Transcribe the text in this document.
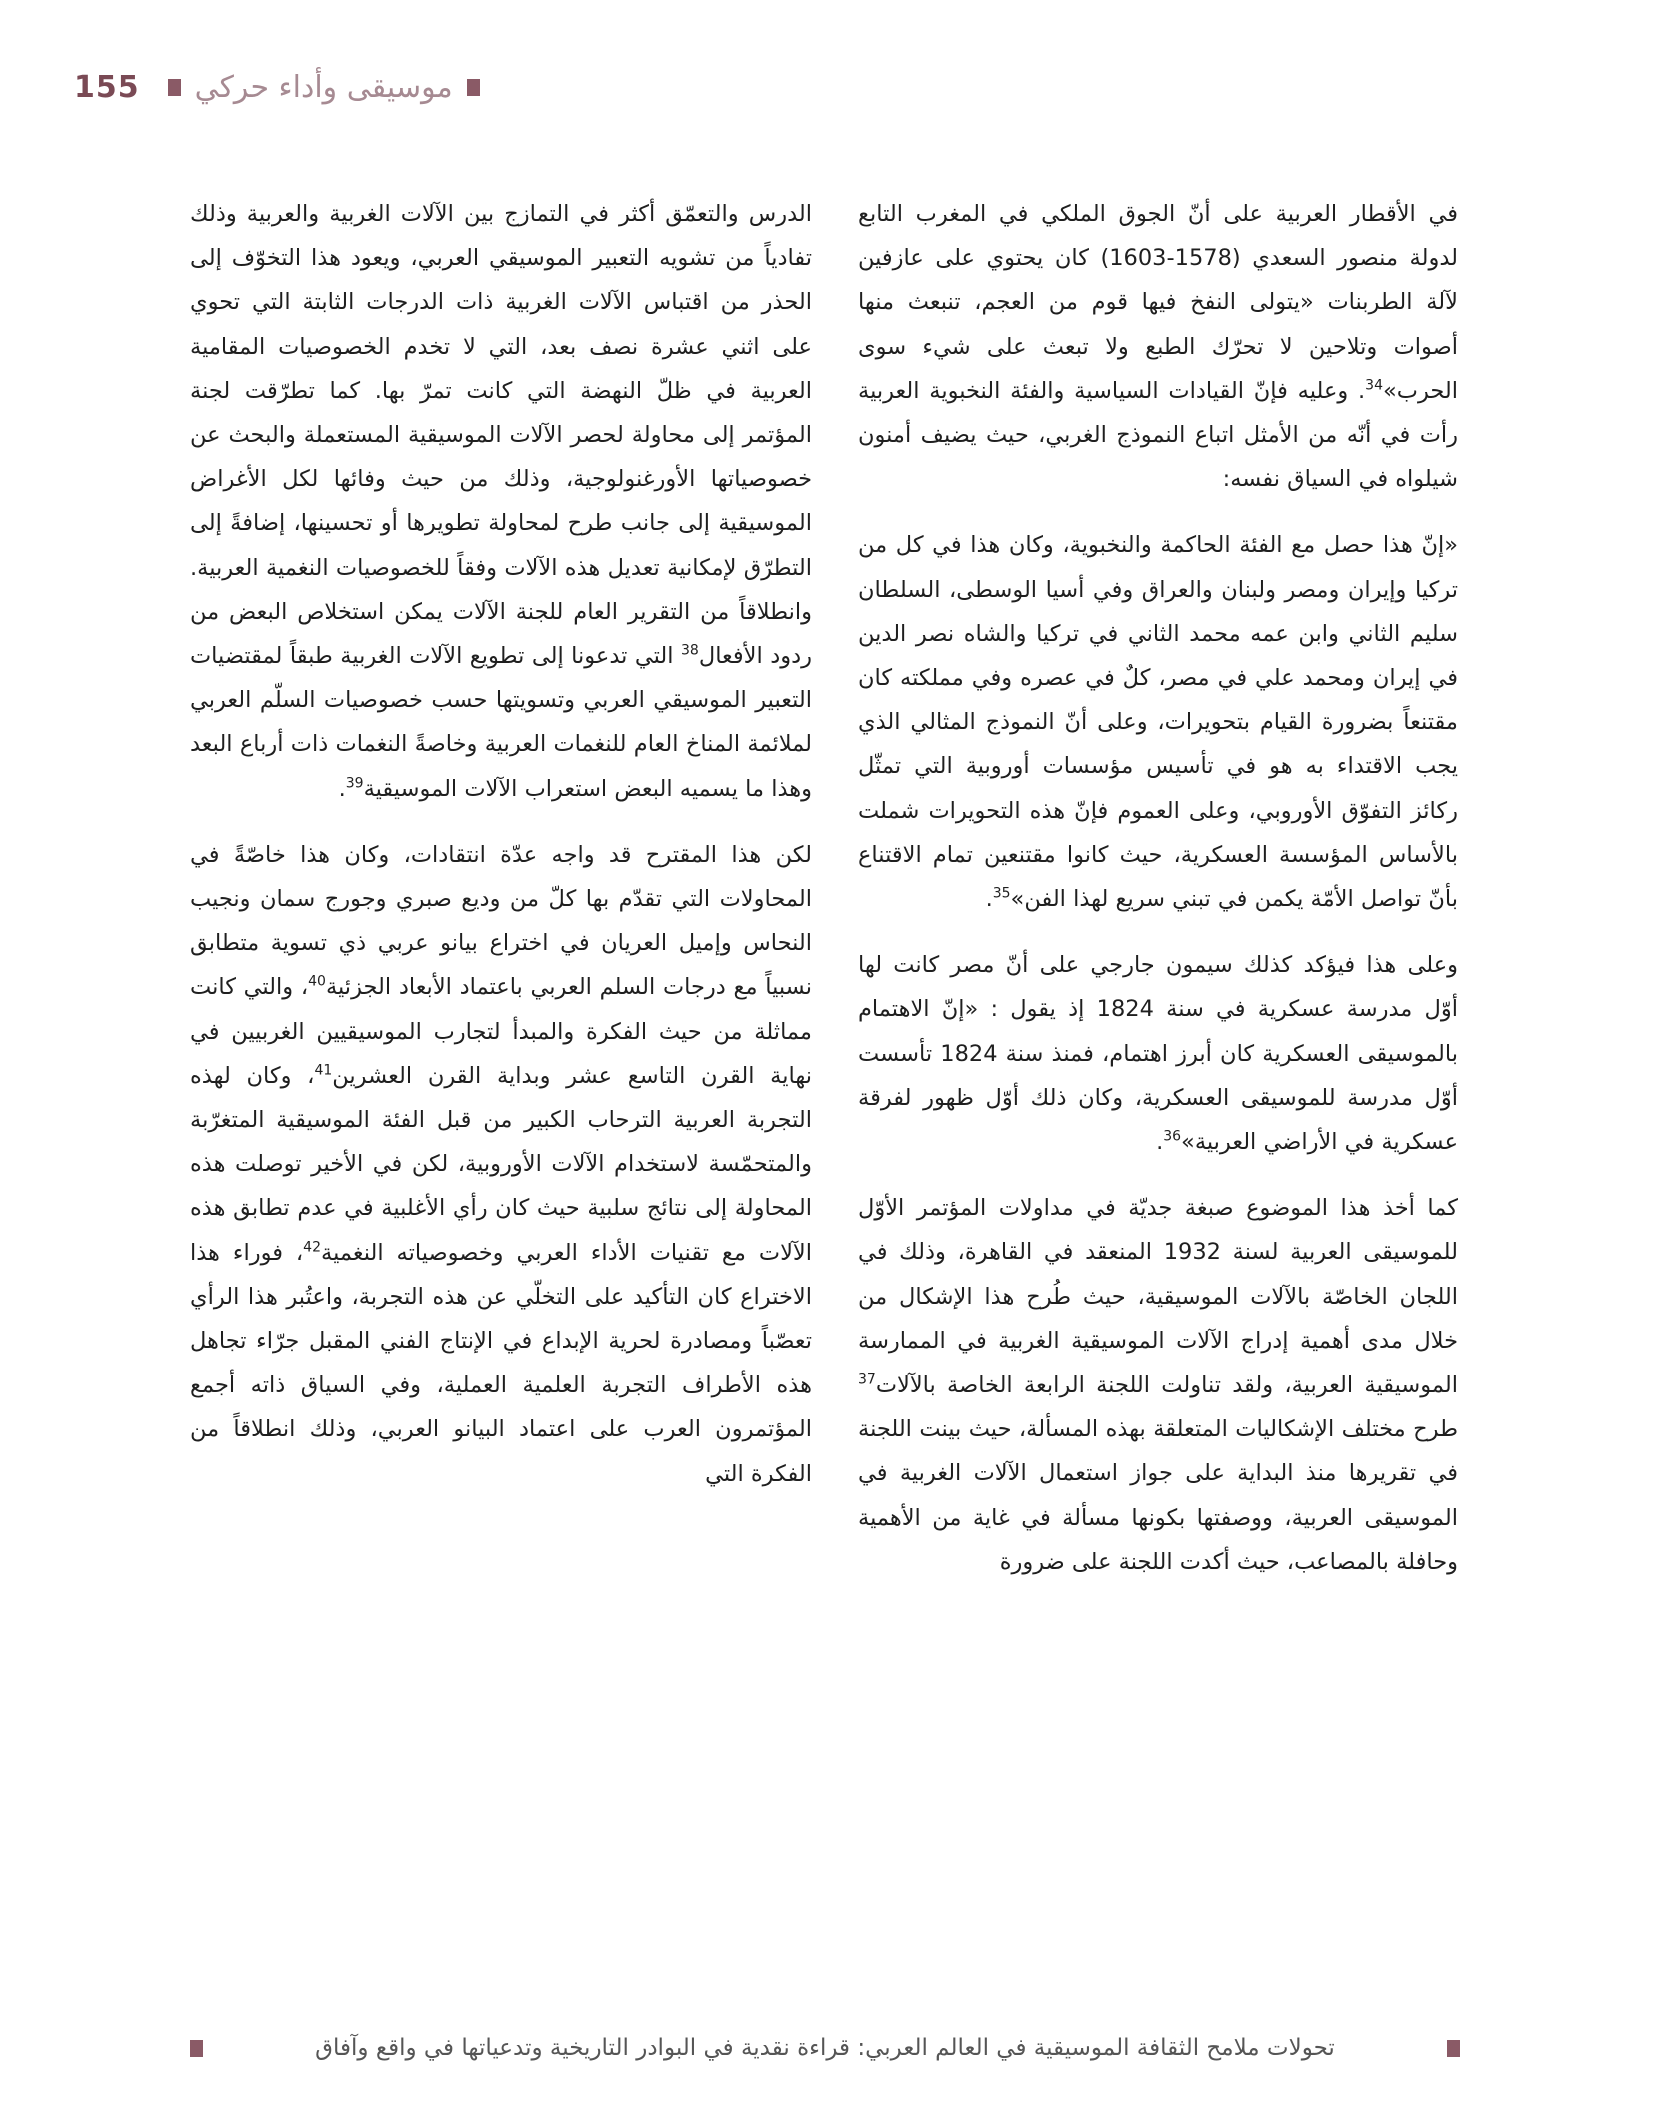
155 موسيقى وأداء حركي

في الأقطار العربية على أنّ الجوق الملكي في المغرب التابع لدولة منصور السعدي (1578-1603) كان يحتوي على عازفين لآلة الطربنات «يتولى النفخ فيها قوم من العجم، تنبعث منها أصوات وتلاحين لا تحرّك الطبع ولا تبعث على شيء سوى الحرب»$^{34}$. وعليه فإنّ القيادات السياسية والفئة النخبوية العربية رأت في أنّه من الأمثل اتباع النموذج الغربي، حيث يضيف أمنون شيلواه في السياق نفسه:

«إنّ هذا حصل مع الفئة الحاكمة والنخبوية، وكان هذا في كل من تركيا وإيران ومصر ولبنان والعراق وفي أسيا الوسطى، السلطان سليم الثاني وابن عمه محمد الثاني في تركيا والشاه نصر الدين في إيران ومحمد علي في مصر، كلٌ في عصره وفي مملكته كان مقتنعاً بضرورة القيام بتحويرات، وعلى أنّ النموذج المثالي الذي يجب الاقتداء به هو في تأسيس مؤسسات أوروبية التي تمثّل ركائز التفوّق الأوروبي، وعلى العموم فإنّ هذه التحويرات شملت بالأساس المؤسسة العسكرية، حيث كانوا مقتنعين تمام الاقتناع بأنّ تواصل الأمّة يكمن في تبني سريع لهذا الفن»$^{35}$.

وعلى هذا فيؤكد كذلك سيمون جارجي على أنّ مصر كانت لها أوّل مدرسة عسكرية في سنة 1824 إذ يقول : «إنّ الاهتمام بالموسيقى العسكرية كان أبرز اهتمام، فمنذ سنة 1824 تأسست أوّل مدرسة للموسيقى العسكرية، وكان ذلك أوّل ظهور لفرقة عسكرية في الأراضي العربية»$^{36}$.

كما أخذ هذا الموضوع صبغة جديّة في مداولات المؤتمر الأوّل للموسيقى العربية لسنة 1932 المنعقد في القاهرة، وذلك في اللجان الخاصّة بالآلات الموسيقية، حيث طُرح هذا الإشكال من خلال مدى أهمية إدراج الآلات الموسيقية الغربية في الممارسة الموسيقية العربية، ولقد تناولت اللجنة الرابعة الخاصة بالآلات$^{37}$ طرح مختلف الإشكاليات المتعلقة بهذه المسألة، حيث بينت اللجنة في تقريرها منذ البداية على جواز استعمال الآلات الغربية في الموسيقى العربية، ووصفتها بكونها مسألة في غاية من الأهمية وحافلة بالمصاعب، حيث أكدت اللجنة على ضرورة

الدرس والتعمّق أكثر في التمازج بين الآلات الغربية والعربية وذلك تفادياً من تشويه التعبير الموسيقي العربي، ويعود هذا التخوّف إلى الحذر من اقتباس الآلات الغربية ذات الدرجات الثابتة التي تحوي على اثني عشرة نصف بعد، التي لا تخدم الخصوصيات المقامية العربية في ظلّ النهضة التي كانت تمرّ بها. كما تطرّقت لجنة المؤتمر إلى محاولة لحصر الآلات الموسيقية المستعملة والبحث عن خصوصياتها الأورغنولوجية، وذلك من حيث وفائها لكل الأغراض الموسيقية إلى جانب طرح لمحاولة تطويرها أو تحسينها، إضافةً إلى التطرّق لإمكانية تعديل هذه الآلات وفقاً للخصوصيات النغمية العربية. وانطلاقاً من التقرير العام للجنة الآلات يمكن استخلاص البعض من ردود الأفعال$^{38}$ التي تدعونا إلى تطويع الآلات الغربية طبقاً لمقتضيات التعبير الموسيقي العربي وتسويتها حسب خصوصيات السلّم العربي لملائمة المناخ العام للنغمات العربية وخاصةً النغمات ذات أرباع البعد وهذا ما يسميه البعض استعراب الآلات الموسيقية$^{39}$.

لكن هذا المقترح قد واجه عدّة انتقادات، وكان هذا خاصّةً في المحاولات التي تقدّم بها كلّ من وديع صبري وجورج سمان ونجيب النحاس وإميل العريان في اختراع بيانو عربي ذي تسوية متطابق نسبياً مع درجات السلم العربي باعتماد الأبعاد الجزئية$^{40}$، والتي كانت مماثلة من حيث الفكرة والمبدأ لتجارب الموسيقيين الغربيين في نهاية القرن التاسع عشر وبداية القرن العشرين$^{41}$، وكان لهذه التجربة العربية الترحاب الكبير من قبل الفئة الموسيقية المتغرّبة والمتحمّسة لاستخدام الآلات الأوروبية، لكن في الأخير توصلت هذه المحاولة إلى نتائج سلبية حيث كان رأي الأغلبية في عدم تطابق هذه الآلات مع تقنيات الأداء العربي وخصوصياته النغمية$^{42}$، فوراء هذا الاختراع كان التأكيد على التخلّي عن هذه التجربة، واعتُبر هذا الرأي تعصّباً ومصادرة لحرية الإبداع في الإنتاج الفني المقبل جرّاء تجاهل هذه الأطراف التجربة العلمية العملية، وفي السياق ذاته أجمع المؤتمرون العرب على اعتماد البيانو العربي، وذلك انطلاقاً من الفكرة التي

تحولات ملامح الثقافة الموسيقية في العالم العربي: قراءة نقدية في البوادر التاريخية وتدعياتها في واقع وآفاق
